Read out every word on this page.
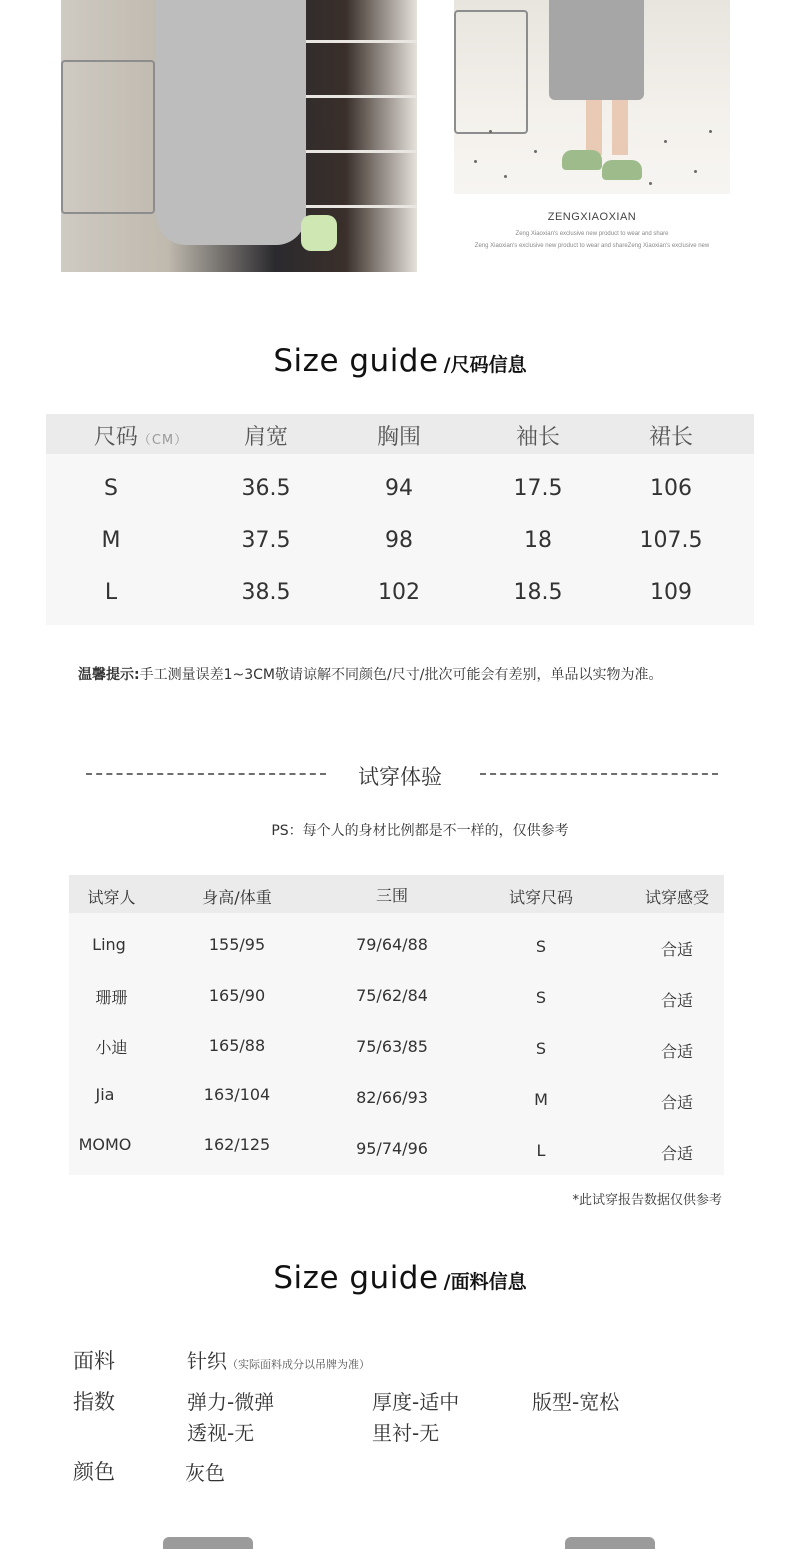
ZENGXIAOXIAN
Zeng Xiaoxian's exclusive new product to wear and share
Zeng Xiaoxian's exclusive new product to wear and shareZeng Xiaoxian's exclusive new
Size guide /尺码信息
尺码（CM）	肩宽	胸围	袖长	裙长
S	36.5	94	17.5	106
M	37.5	98	18	107.5
L	38.5	102	18.5	109
温馨提示:手工测量误差1~3CM敬请谅解不同颜色/尺寸/批次可能会有差别，单品以实物为准。
试穿体验
PS：每个人的身材比例都是不一样的，仅供参考
试穿人	身高/体重	三围	试穿尺码	试穿感受
Ling	155/95	79/64/88	S	合适
珊珊	165/90	75/62/84	S	合适
小迪	165/88	75/63/85	S	合适
Jia	163/104	82/66/93	M	合适
MOMO	162/125	95/74/96	L	合适
*此试穿报告数据仅供参考
Size guide /面料信息
面料	针织（实际面料成分以吊牌为准）
指数	弹力-微弹	厚度-适中	版型-宽松
透视-无	里衬-无
颜色	灰色
